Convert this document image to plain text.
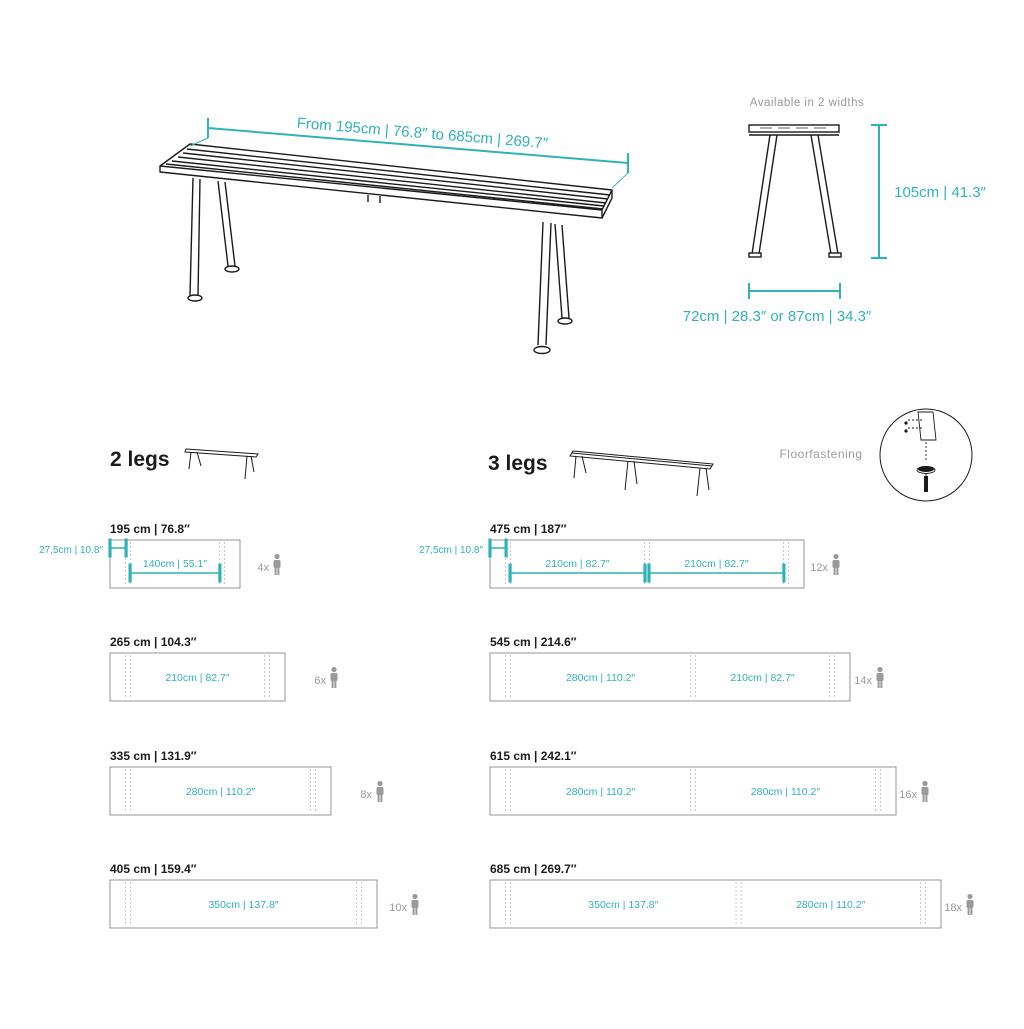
From 195cm | 76.8″ to 685cm | 269.7″
Available in 2 widths
105cm | 41.3″
72cm | 28.3″ or 87cm | 34.3″
2 legs	3 legs	Floorfastening
195 cm | 76.8″
140cm | 55.1″
27,5cm | 10.8″
4x
265 cm | 104.3″
210cm | 82.7″	6x
335 cm | 131.9″
280cm | 110.2″	8x
405 cm | 159.4″
350cm | 137.8″	10x
475 cm | 187″
210cm | 82.7″	210cm | 82.7″
27,5cm | 10.8″
12x
545 cm | 214.6″
280cm | 110.2″	210cm | 82.7″	14x
615 cm | 242.1″
280cm | 110.2″	280cm | 110.2″	16x
685 cm | 269.7″
350cm | 137.8″	280cm | 110.2″	18x
